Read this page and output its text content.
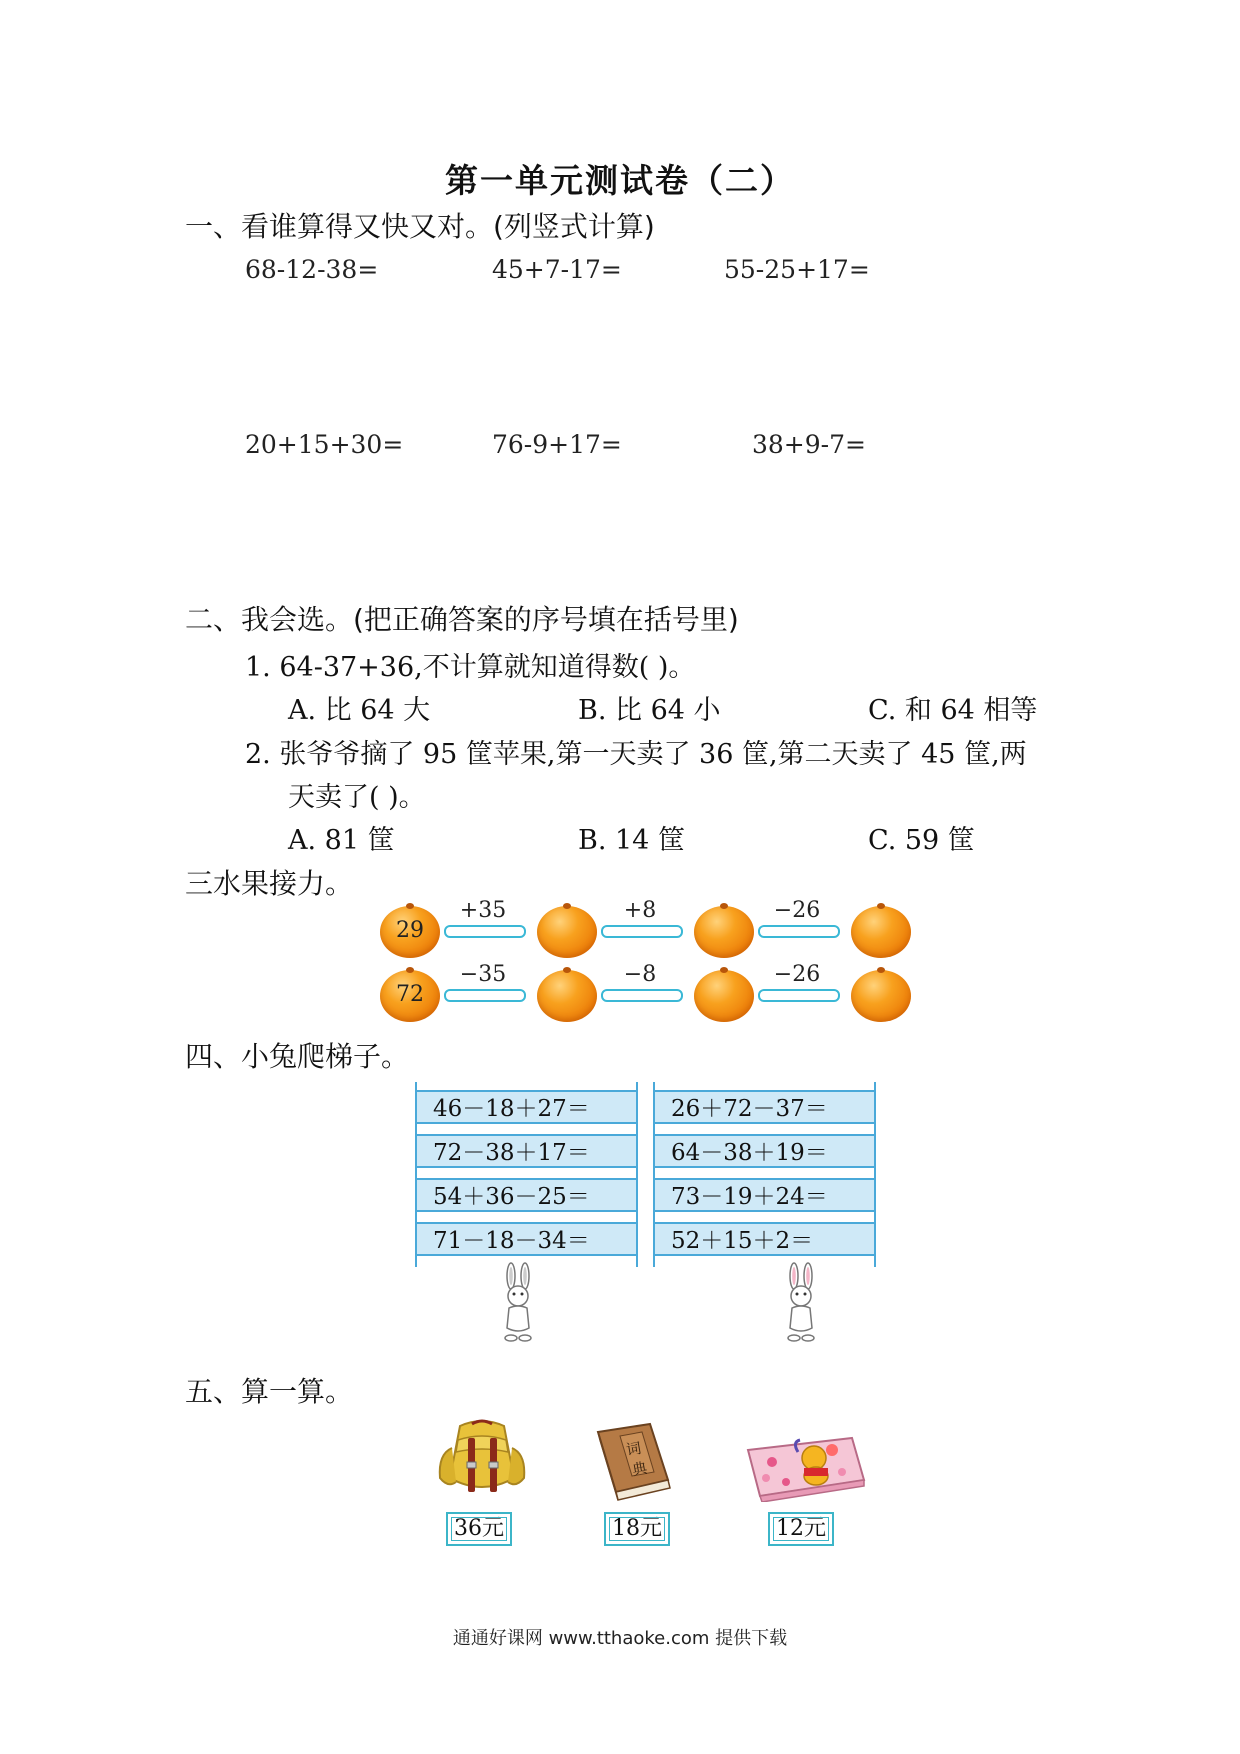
第一单元测试卷（二）
一、看谁算得又快又对。(列竖式计算)
68-12-38=	45+7-17=	55-25+17=
20+15+30=	76-9+17=	38+9-7=
二、我会选。(把正确答案的序号填在括号里)
1. 64-37+36,不计算就知道得数( )。
A. 比 64 大	B. 比 64 小	C. 和 64 相等
2. 张爷爷摘了 95 筐苹果,第一天卖了 36 筐,第二天卖了 45 筐,两
天卖了( )。
A. 81 筐	B. 14 筐	C. 59 筐
三水果接力。
29
+35	+8	−26
72
−35	−8	−26
四、小兔爬梯子。
46－18＋27＝
72－38＋17＝
54＋36－25＝
71－18－34＝
26＋72－37＝
64－38＋19＝
73－19＋24＝
52＋15＋2＝
五、算一算。
36元
词
典
18元	12元
通通好课网 www.tthaoke.com 提供下载
